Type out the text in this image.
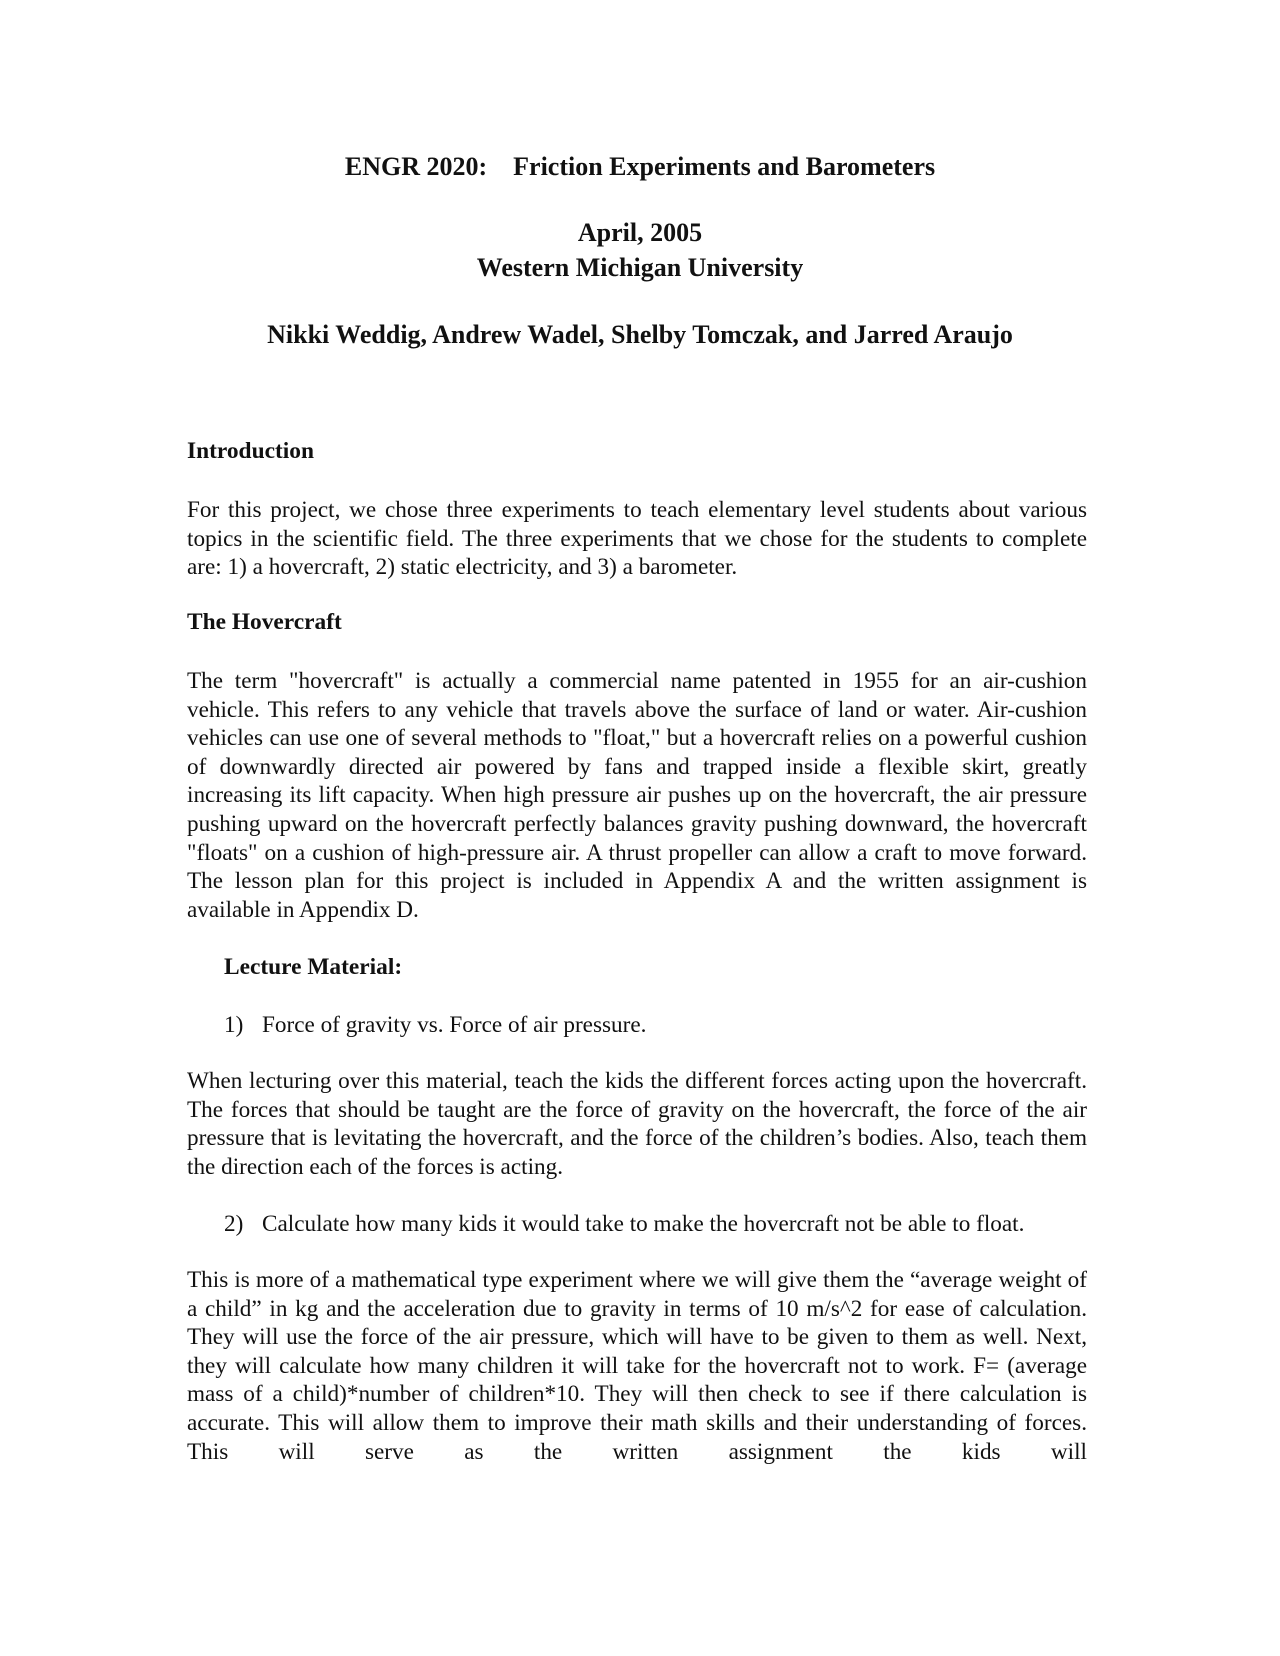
ENGR 2020: Friction Experiments and Barometers
April, 2005
Western Michigan University
Nikki Weddig, Andrew Wadel, Shelby Tomczak, and Jarred Araujo
Introduction

For this project, we chose three experiments to teach elementary level students about various topics in the scientific field. The three experiments that we chose for the students to complete are: 1) a hovercraft, 2) static electricity, and 3) a barometer.

The Hovercraft

The term "hovercraft" is actually a commercial name patented in 1955 for an air-cushion vehicle. This refers to any vehicle that travels above the surface of land or water. Air-cushion vehicles can use one of several methods to "float," but a hovercraft relies on a powerful cushion of downwardly directed air powered by fans and trapped inside a flexible skirt, greatly increasing its lift capacity. When high pressure air pushes up on the hovercraft, the air pressure pushing upward on the hovercraft perfectly balances gravity pushing downward, the hovercraft "floats" on a cushion of high-pressure air. A thrust propeller can allow a craft to move forward. The lesson plan for this project is included in Appendix A and the written assignment is available in Appendix D.

Lecture Material:
1) Force of gravity vs. Force of air pressure.

When lecturing over this material, teach the kids the different forces acting upon the hovercraft. The forces that should be taught are the force of gravity on the hovercraft, the force of the air pressure that is levitating the hovercraft, and the force of the children’s bodies. Also, teach them the direction each of the forces is acting.

2) Calculate how many kids it would take to make the hovercraft not be able to float.

This is more of a mathematical type experiment where we will give them the “average weight of a child” in kg and the acceleration due to gravity in terms of 10 m/s^2 for ease of calculation. They will use the force of the air pressure, which will have to be given to them as well. Next, they will calculate how many children it will take for the hovercraft not to work. F= (average mass of a child)*number of children*10. They will then check to see if there calculation is accurate. This will allow them to improve their math skills and their understanding of forces. This will serve as the written assignment the kids will
